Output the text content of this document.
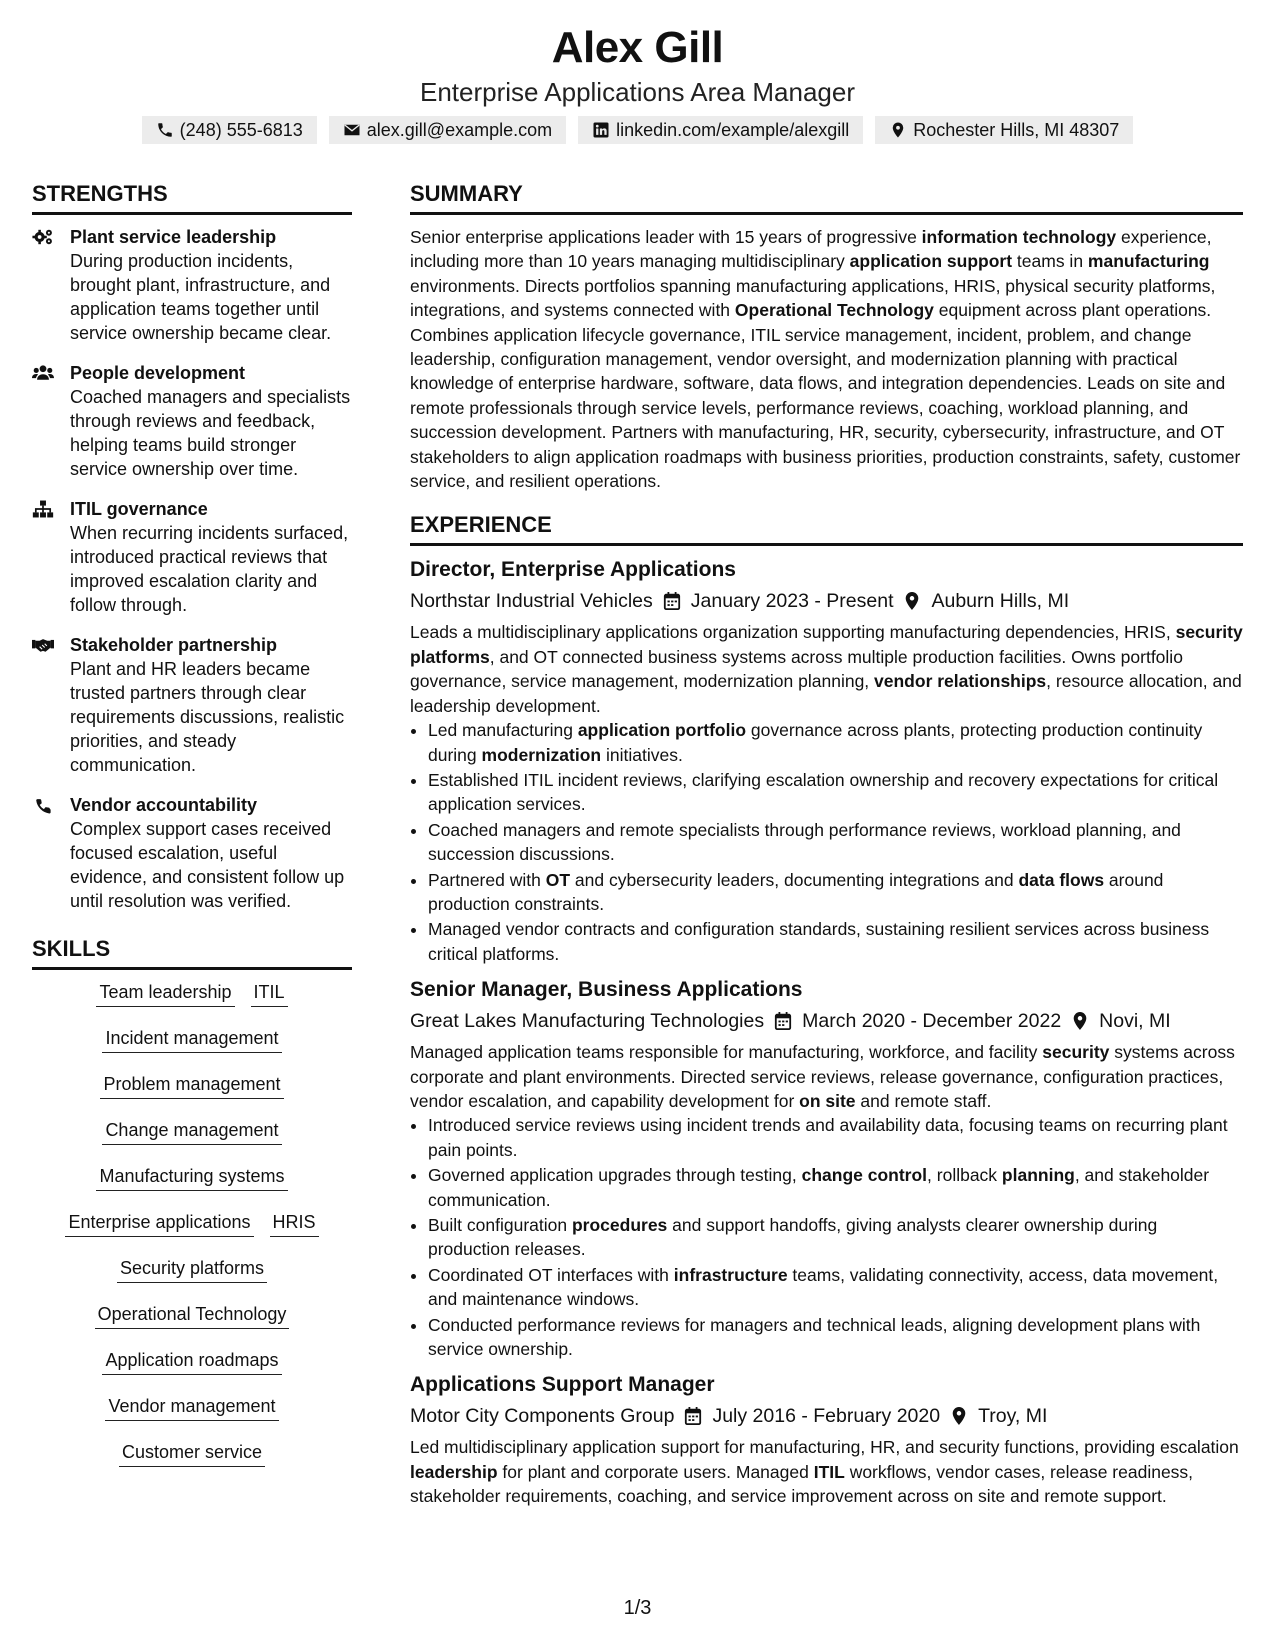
Alex Gill
Enterprise Applications Area Manager
(248) 555-6813	alex.gill@example.com	linkedin.com/example/alexgill	Rochester Hills, MI 48307
STRENGTHS
Plant service leadership
During production incidents, brought plant, infrastructure, and application teams together until service ownership became clear.
People development
Coached managers and specialists through reviews and feedback, helping teams build stronger service ownership over time.
ITIL governance
When recurring incidents surfaced, introduced practical reviews that improved escalation clarity and follow through.
Stakeholder partnership
Plant and HR leaders became trusted partners through clear requirements discussions, realistic priorities, and steady communication.
Vendor accountability
Complex support cases received focused escalation, useful evidence, and consistent follow up until resolution was verified.
SKILLS
Team leadership ITIL
Incident management
Problem management
Change management
Manufacturing systems
Enterprise applications HRIS
Security platforms
Operational Technology
Application roadmaps
Vendor management
Customer service
SUMMARY

Senior enterprise applications leader with 15 years of progressive information technology experience, including more than 10 years managing multidisciplinary application support teams in manufacturing environments. Directs portfolios spanning manufacturing applications, HRIS, physical security platforms, integrations, and systems connected with Operational Technology equipment across plant operations. Combines application lifecycle governance, ITIL service management, incident, problem, and change leadership, configuration management, vendor oversight, and modernization planning with practical knowledge of enterprise hardware, software, data flows, and integration dependencies. Leads on site and remote professionals through service levels, performance reviews, coaching, workload planning, and succession development. Partners with manufacturing, HR, security, cybersecurity, infrastructure, and OT stakeholders to align application roadmaps with business priorities, production constraints, safety, customer service, and resilient operations.

EXPERIENCE
Director, Enterprise Applications
Northstar Industrial Vehicles January 2023 - Present Auburn Hills, MI

Leads a multidisciplinary applications organization supporting manufacturing dependencies, HRIS, security platforms, and OT connected business systems across multiple production facilities. Owns portfolio governance, service management, modernization planning, vendor relationships, resource allocation, and leadership development.

• Led manufacturing application portfolio governance across plants, protecting production continuity during modernization initiatives.
• Established ITIL incident reviews, clarifying escalation ownership and recovery expectations for critical application services.
• Coached managers and remote specialists through performance reviews, workload planning, and succession discussions.
• Partnered with OT and cybersecurity leaders, documenting integrations and data flows around production constraints.
• Managed vendor contracts and configuration standards, sustaining resilient services across business critical platforms.
Senior Manager, Business Applications
Great Lakes Manufacturing Technologies March 2020 - December 2022 Novi, MI

Managed application teams responsible for manufacturing, workforce, and facility security systems across corporate and plant environments. Directed service reviews, release governance, configuration practices, vendor escalation, and capability development for on site and remote staff.

• Introduced service reviews using incident trends and availability data, focusing teams on recurring plant pain points.
• Governed application upgrades through testing, change control, rollback planning, and stakeholder communication.
• Built configuration procedures and support handoffs, giving analysts clearer ownership during production releases.
• Coordinated OT interfaces with infrastructure teams, validating connectivity, access, data movement, and maintenance windows.
• Conducted performance reviews for managers and technical leads, aligning development plans with service ownership.
Applications Support Manager
Motor City Components Group July 2016 - February 2020 Troy, MI

Led multidisciplinary application support for manufacturing, HR, and security functions, providing escalation leadership for plant and corporate users. Managed ITIL workflows, vendor cases, release readiness, stakeholder requirements, coaching, and service improvement across on site and remote support.

1/3
